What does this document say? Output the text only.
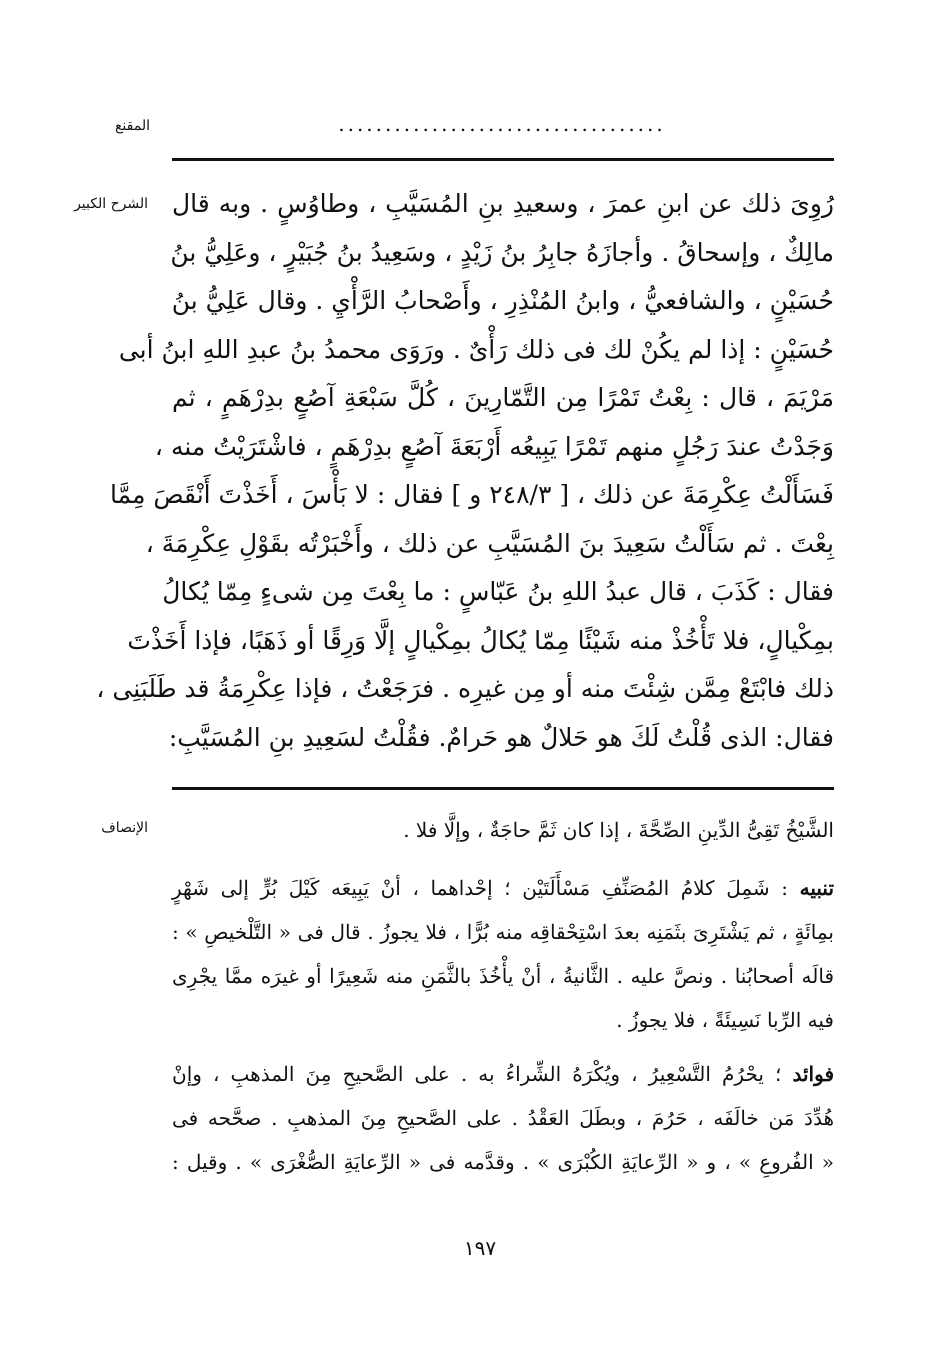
المقنع	...................................
الشرح الكبير رُوِىَ ذلك عن ابنِ عمرَ ، وسعيدِ بنِ المُسَيَّبِ ، وطاوُسٍ . وبه قال
مالِكٌ ، وإسحاقُ . وأجازَهُ جابِرُ بنُ زَيْدٍ ، وسَعِيدُ بنُ جُبَيْرٍ ، وعَلِيُّ بنُ
حُسَيْنٍ ، والشافعيُّ ، وابنُ المُنْذِرِ ، وأَصْحابُ الرَّأْيِ . وقال عَلِيُّ بنُ
حُسَيْنٍ : إذا لم يكُنْ لك فى ذلك رَأْىٌ . ورَوَى محمدُ بنُ عبدِ اللهِ ابنُ أبى
مَرْيَمَ ، قال : بِعْتُ تَمْرًا مِن التَّمّارِينَ ، كُلَّ سَبْعَةِ آصُعٍ بدِرْهَمٍ ، ثم
وَجَدْتُ عندَ رَجُلٍ منهم تَمْرًا يَبِيعُه أَرْبَعَةَ آصُعٍ بدِرْهَمٍ ، فاشْتَرَيْتُ منه ،
فَسَأَلْتُ عِكْرِمَةَ عن ذلك ، [ ٢٤٨/٣ و ] فقال : لا بَأْسَ ، أَخَذْتَ أَنْقَصَ مِمَّا
بِعْتَ . ثم سَأَلْتُ سَعِيدَ بنَ المُسَيَّبِ عن ذلك ، وأَخْبَرْتُه بقَوْلِ عِكْرِمَةَ ،
فقال : كَذَبَ ، قال عبدُ اللهِ بنُ عَبّاسٍ : ما بِعْتَ مِن شىءٍ مِمّا يُكالُ
بمِكْيالٍ، فلا تَأْخُذْ منه شَيْئًا مِمّا يُكالُ بمِكْيالٍ إلَّا وَرِقًا أو ذَهَبًا، فإذا أَخَذْتَ
ذلك فابْتَعْ مِمَّن شِئْتَ منه أو مِن غيرِه . فرَجَعْتُ ، فإذا عِكْرِمَةُ قد طَلَبَنِى ،
فقال: الذى قُلْتُ لَكَ هو حَلالٌ هو حَرامٌ. فقُلْتُ لسَعِيدِ بنِ المُسَيَّبِ:
الإنصاف	الشَّيْخُ تَقِىُّ الدِّينِ الصِّحَّةَ ، إذا كان ثَمَّ حاجَةٌ ، وإلَّا فلا .
تنبيه : شَمِلَ كلامُ المُصَنِّفِ مَسْأَلَتَيْن ؛ إحْداهما ، أنْ يَبِيعَه كَيْلَ بُرٍّ إلى شَهْرٍ
بمِائَةٍ ، ثم يَشْتَرِىَ بثَمَنِه بعدَ اسْتِحْقاقِه منه بُرًّا ، فلا يجوزُ . قال فى « التَّلْخيصِ » :
قالَه أصحابُنا . ونصَّ عليه . الثَّانيةُ ، أنْ يأْخُذَ بالثَّمَنِ منه شَعِيرًا أو غيرَه ممَّا يجْرِى
فيه الرِّبا نَسِيئَةً ، فلا يجوزُ .
فوائد ؛ يحْرُمُ التَّسْعِيرُ ، ويُكْرَهُ الشِّراءُ به . على الصَّحيحِ مِنَ المذهبِ ، وإنْ
هُدِّدَ مَن خالَفَه ، حَرُمَ ، وبطَلَ العَقْدُ . على الصَّحيحِ مِنَ المذهبِ . صحَّحه فى
« الفُروعِ » ، و « الرِّعايَةِ الكُبْرَى » . وقدَّمه فى « الرِّعايَةِ الصُّغْرَى » . وقيل :
١٩٧
